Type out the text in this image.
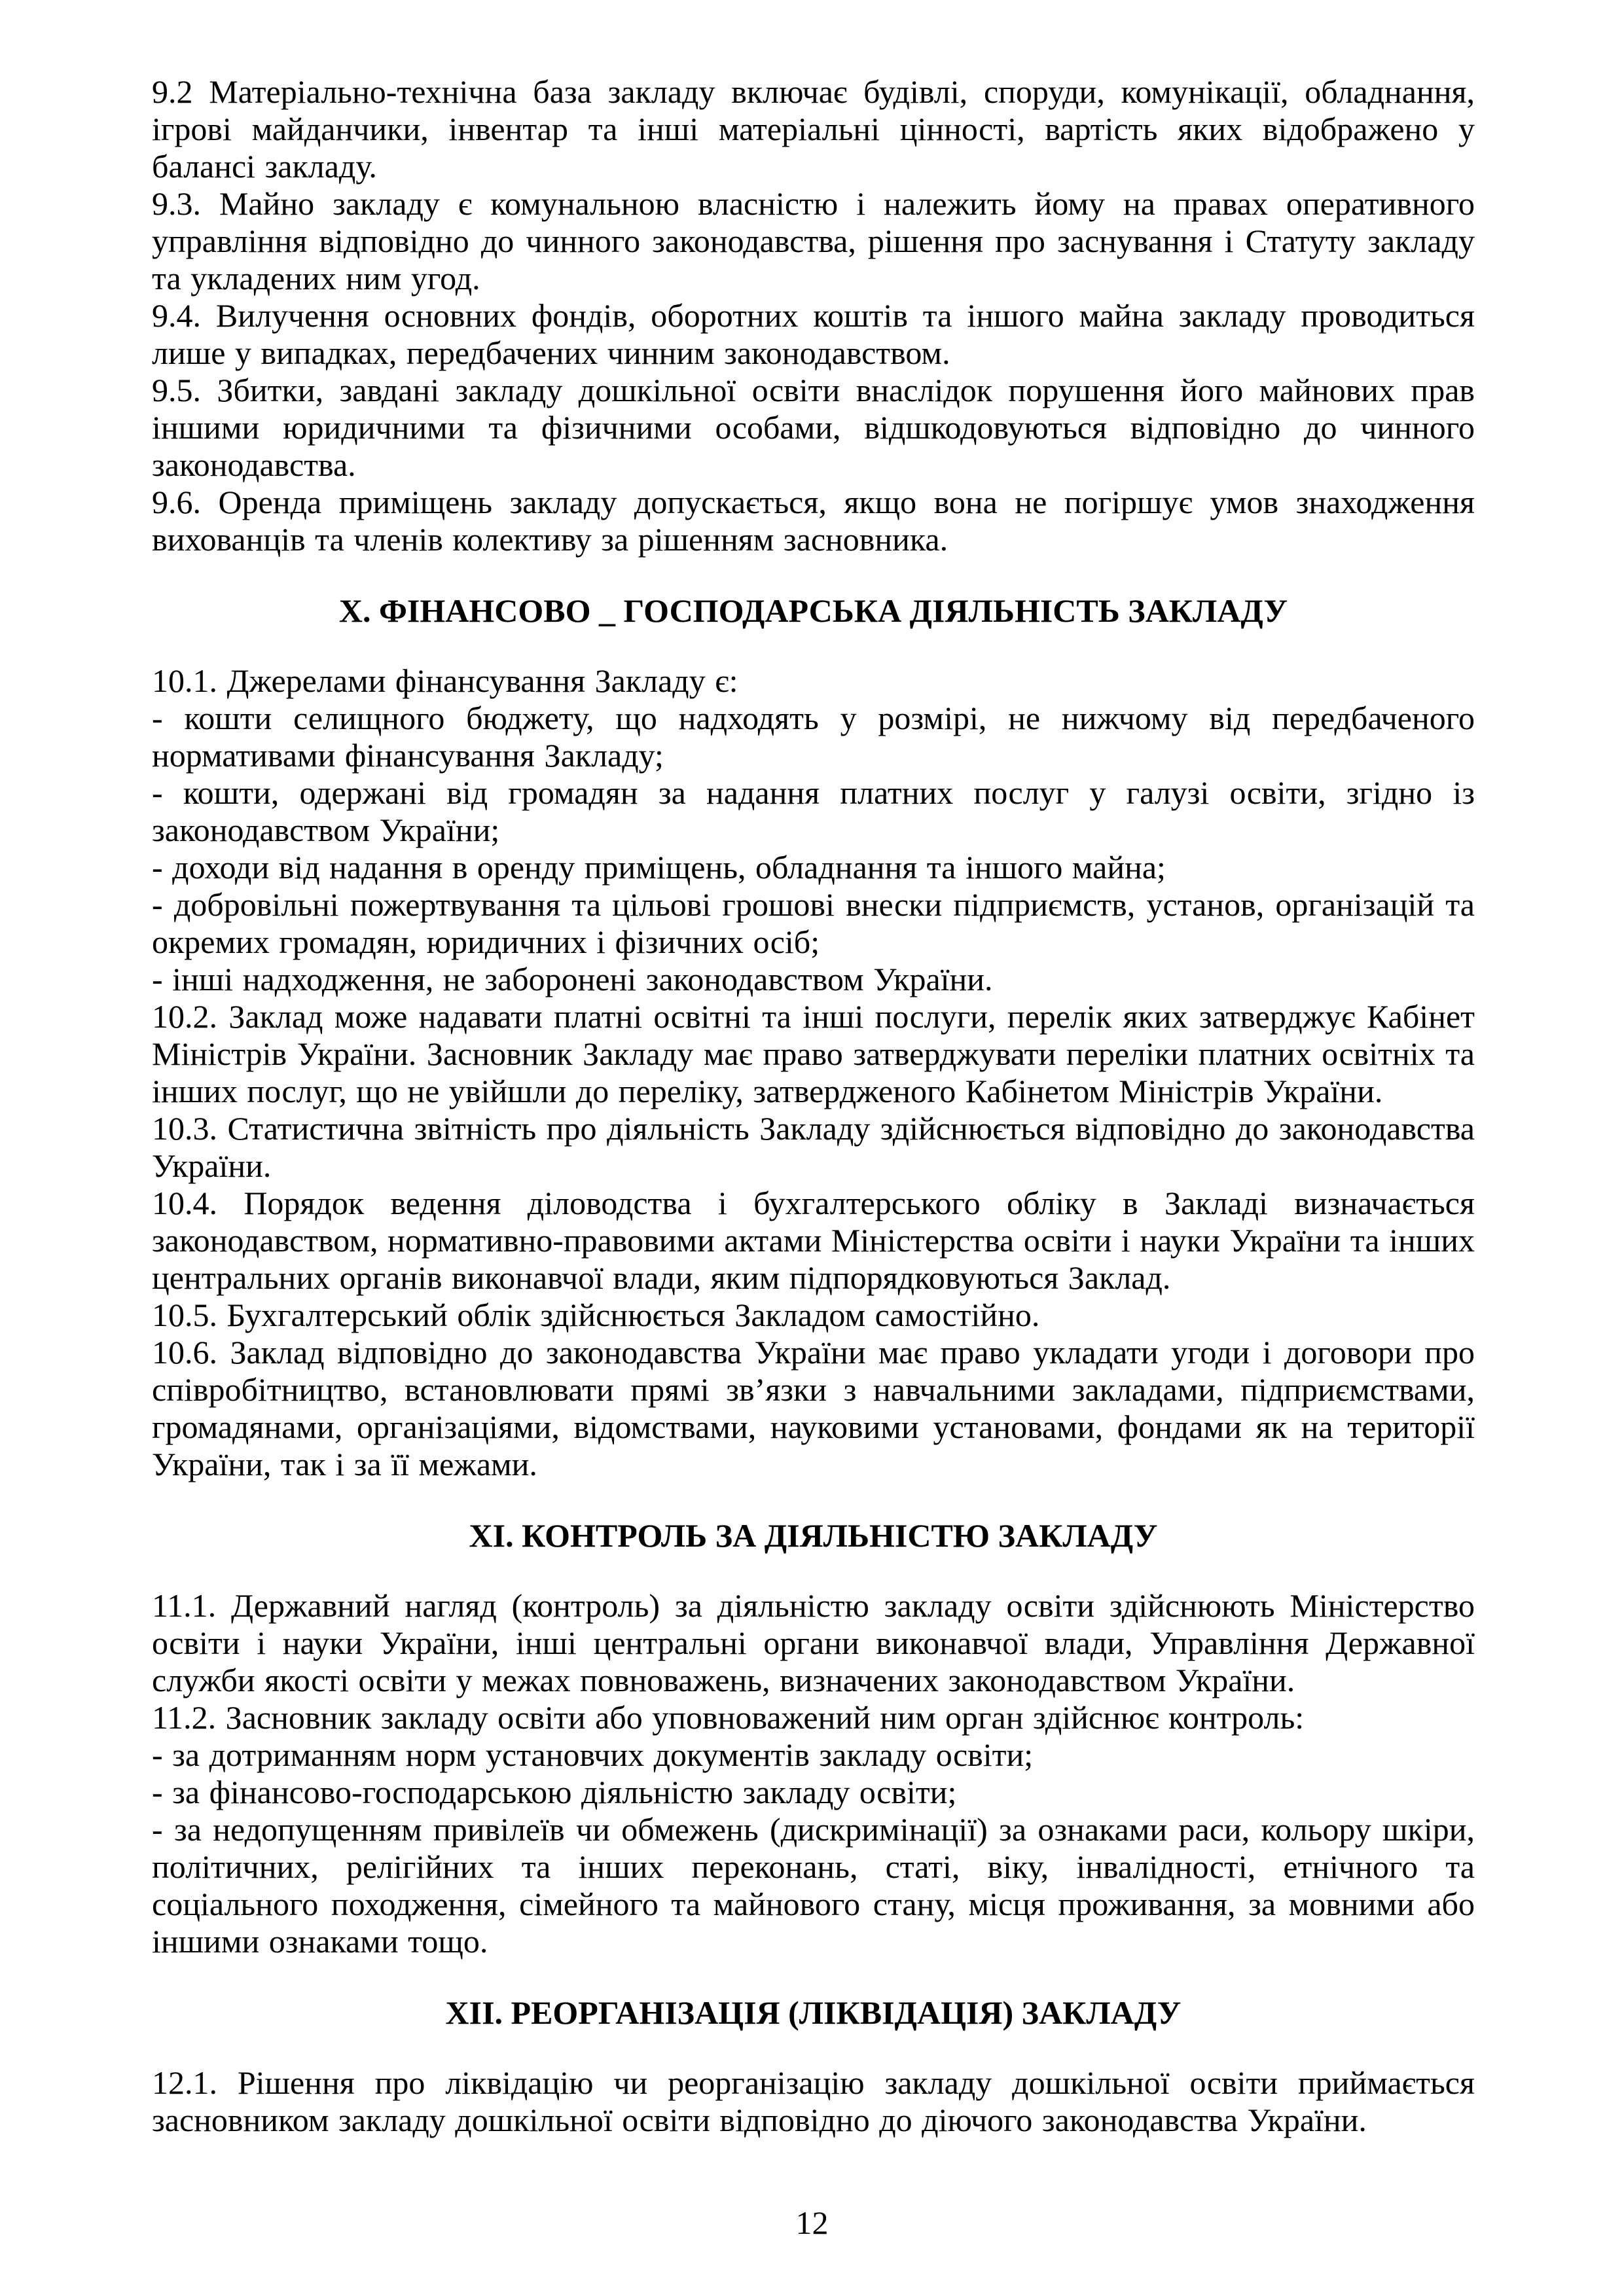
9.2 Матеріально-технічна база закладу включає будівлі, споруди, комунікації, обладнання, ігрові майданчики, інвентар та інші матеріальні цінності, вартість яких відображено у балансі закладу.
9.3. Майно закладу є комунальною власністю і належить йому на правах оперативного управління відповідно до чинного законодавства, рішення про заснування і Статуту закладу та укладених ним угод.
9.4. Вилучення основних фондів, оборотних коштів та іншого майна закладу проводиться лише у випадках, передбачених чинним законодавством.
9.5. Збитки, завдані закладу дошкільної освіти внаслідок порушення його майнових прав іншими юридичними та фізичними особами, відшкодовуються відповідно до чинного законодавства.
9.6. Оренда приміщень закладу допускається, якщо вона не погіршує умов знаходження вихованців та членів колективу за рішенням засновника.
Х. ФІНАНСОВО _ ГОСПОДАРСЬКА ДІЯЛЬНІСТЬ ЗАКЛАДУ
10.1. Джерелами фінансування Закладу є:
- кошти селищного бюджету, що надходять у розмірі, не нижчому від передбаченого нормативами фінансування Закладу;
- кошти, одержані від громадян за надання платних послуг у галузі освіти, згідно із законодавством України;
- доходи від надання в оренду приміщень, обладнання та іншого майна;
- добровільні пожертвування та цільові грошові внески підприємств, установ, організацій та окремих громадян, юридичних і фізичних осіб;
- інші надходження, не заборонені законодавством України.
10.2. Заклад може надавати платні освітні та інші послуги, перелік яких затверджує Кабінет Міністрів України. Засновник Закладу має право затверджувати переліки платних освітніх та інших послуг, що не увійшли до переліку, затвердженого Кабінетом Міністрів України.
10.3. Статистична звітність про діяльність Закладу здійснюється відповідно до законодавства України.
10.4. Порядок ведення діловодства і бухгалтерського обліку в Закладі визначається законодавством, нормативно-правовими актами Міністерства освіти і науки України та інших центральних органів виконавчої влади, яким підпорядковуються Заклад.
10.5. Бухгалтерський облік здійснюється Закладом самостійно.
10.6. Заклад відповідно до законодавства України має право укладати угоди і договори про співробітництво, встановлювати прямі зв’язки з навчальними закладами, підприємствами, громадянами, організаціями, відомствами, науковими установами, фондами як на території України, так і за її межами.
ХІ. КОНТРОЛЬ ЗА ДІЯЛЬНІСТЮ ЗАКЛАДУ
11.1. Державний нагляд (контроль) за діяльністю закладу освіти здійснюють Міністерство освіти і науки України, інші центральні органи виконавчої влади, Управління Державної служби якості освіти у межах повноважень, визначених законодавством України.
11.2. Засновник закладу освіти або уповноважений ним орган здійснює контроль:
- за дотриманням норм установчих документів закладу освіти;
- за фінансово-господарською діяльністю закладу освіти;
- за недопущенням привілеїв чи обмежень (дискримінації) за ознаками раси, кольору шкіри, політичних, релігійних та інших переконань, статі, віку, інвалідності, етнічного та соціального походження, сімейного та майнового стану, місця проживання, за мовними або іншими ознаками тощо.
ХІІ. РЕОРГАНІЗАЦІЯ (ЛІКВІДАЦІЯ) ЗАКЛАДУ
12.1. Рішення про ліквідацію чи реорганізацію закладу дошкільної освіти приймається засновником закладу дошкільної освіти відповідно до діючого законодавства України.
12
